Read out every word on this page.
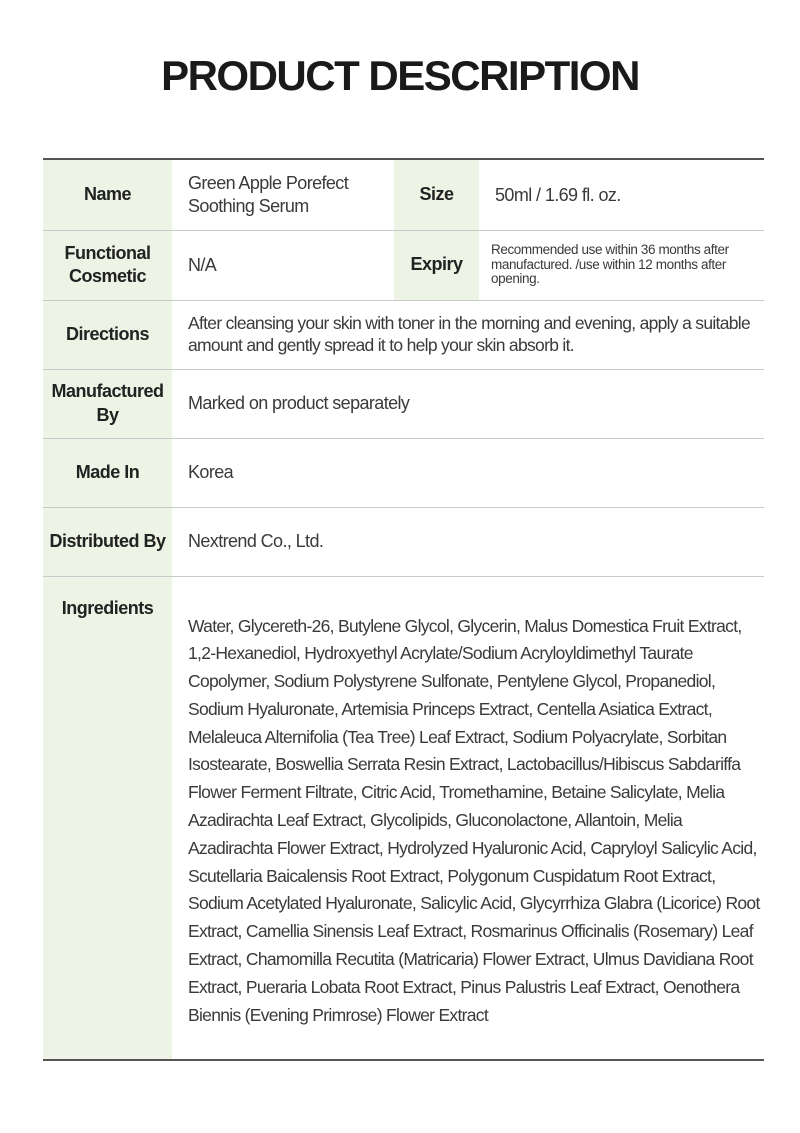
PRODUCT DESCRIPTION
Name	Green Apple Porefect Soothing Serum	Size	50ml / 1.69 fl. oz.
Functional Cosmetic	N/A	Expiry	Recommended use within 36 months after manufactured. /use within 12 months after opening.
Directions	After cleansing your skin with toner in the morning and evening, apply a suitable amount and gently spread it to help your skin absorb it.		
Manufactured By	Marked on product separately		
Made In	Korea		
Distributed By	Nextrend Co., Ltd.		
Ingredients	Water, Glycereth-26, Butylene Glycol, Glycerin, Malus Domestica Fruit Extract, 1,2-Hexanediol, Hydroxyethyl Acrylate/Sodium Acryloyldimethyl Taurate Copolymer, Sodium Polystyrene Sulfonate, Pentylene Glycol, Propanediol, Sodium Hyaluronate, Artemisia Princeps Extract, Centella Asiatica Extract, Melaleuca Alternifolia (Tea Tree) Leaf Extract, Sodium Polyacrylate, Sorbitan Isostearate, Boswellia Serrata Resin Extract, Lactobacillus/Hibiscus Sabdariffa Flower Ferment Filtrate, Citric Acid, Tromethamine, Betaine Salicylate, Melia Azadirachta Leaf Extract, Glycolipids, Gluconolactone, Allantoin, Melia Azadirachta Flower Extract, Hydrolyzed Hyaluronic Acid, Capryloyl Salicylic Acid, Scutellaria Baicalensis Root Extract, Polygonum Cuspidatum Root Extract, Sodium Acetylated Hyaluronate, Salicylic Acid, Glycyrrhiza Glabra (Licorice) Root Extract, Camellia Sinensis Leaf Extract, Rosmarinus Officinalis (Rosemary) Leaf Extract, Chamomilla Recutita (Matricaria) Flower Extract, Ulmus Davidiana Root Extract, Pueraria Lobata Root Extract, Pinus Palustris Leaf Extract, Oenothera Biennis (Evening Primrose) Flower Extract		
